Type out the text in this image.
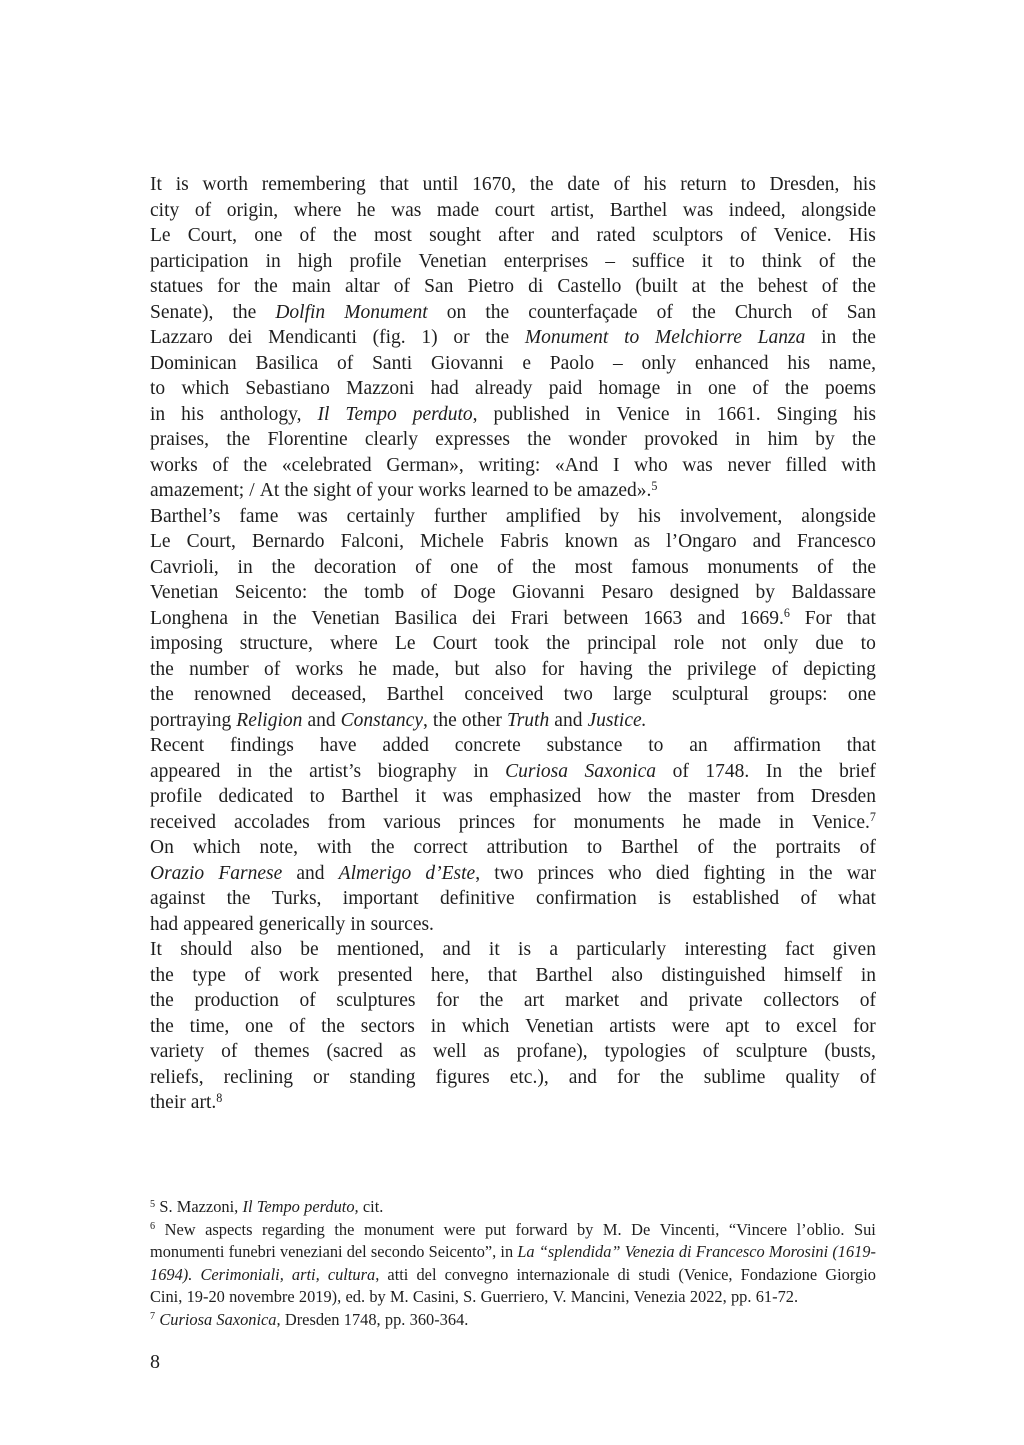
It is worth remembering that until 1670, the date of his return to Dresden, his
city of origin, where he was made court artist, Barthel was indeed, alongside
Le Court, one of the most sought after and rated sculptors of Venice. His
participation in high profile Venetian enterprises – suffice it to think of the
statues for the main altar of San Pietro di Castello (built at the behest of the
Senate), the Dolfin Monument on the counterfaçade of the Church of San
Lazzaro dei Mendicanti (fig. 1) or the Monument to Melchiorre Lanza in the
Dominican Basilica of Santi Giovanni e Paolo – only enhanced his name,
to which Sebastiano Mazzoni had already paid homage in one of the poems
in his anthology, Il Tempo perduto, published in Venice in 1661. Singing his
praises, the Florentine clearly expresses the wonder provoked in him by the
works of the «celebrated German», writing: «And I who was never filled with
amazement; / At the sight of your works learned to be amazed».$^5$
Barthel’s fame was certainly further amplified by his involvement, alongside
Le Court, Bernardo Falconi, Michele Fabris known as l’Ongaro and Francesco
Cavrioli, in the decoration of one of the most famous monuments of the
Venetian Seicento: the tomb of Doge Giovanni Pesaro designed by Baldassare
Longhena in the Venetian Basilica dei Frari between 1663 and 1669.$^6$ For that
imposing structure, where Le Court took the principal role not only due to
the number of works he made, but also for having the privilege of depicting
the renowned deceased, Barthel conceived two large sculptural groups: one
portraying Religion and Constancy, the other Truth and Justice.
Recent findings have added concrete substance to an affirmation that
appeared in the artist’s biography in Curiosa Saxonica of 1748. In the brief
profile dedicated to Barthel it was emphasized how the master from Dresden
received accolades from various princes for monuments he made in Venice.$^7$
On which note, with the correct attribution to Barthel of the portraits of
Orazio Farnese and Almerigo d’Este, two princes who died fighting in the war
against the Turks, important definitive confirmation is established of what
had appeared generically in sources.
It should also be mentioned, and it is a particularly interesting fact given
the type of work presented here, that Barthel also distinguished himself in
the production of sculptures for the art market and private collectors of
the time, one of the sectors in which Venetian artists were apt to excel for
variety of themes (sacred as well as profane), typologies of sculpture (busts,
reliefs, reclining or standing figures etc.), and for the sublime quality of
their art.$^8$
$^5$ S. Mazzoni, Il Tempo perduto, cit.
$^6$ New aspects regarding the monument were put forward by M. De Vincenti, “Vincere l’oblio. Sui
monumenti funebri veneziani del secondo Seicento”, in La “splendida” Venezia di Francesco Morosini (1619-
1694). Cerimoniali, arti, cultura, atti del convegno internazionale di studi (Venice, Fondazione Giorgio
Cini, 19-20 novembre 2019), ed. by M. Casini, S. Guerriero, V. Mancini, Venezia 2022, pp. 61-72.
$^7$ Curiosa Saxonica, Dresden 1748, pp. 360-364.
8
